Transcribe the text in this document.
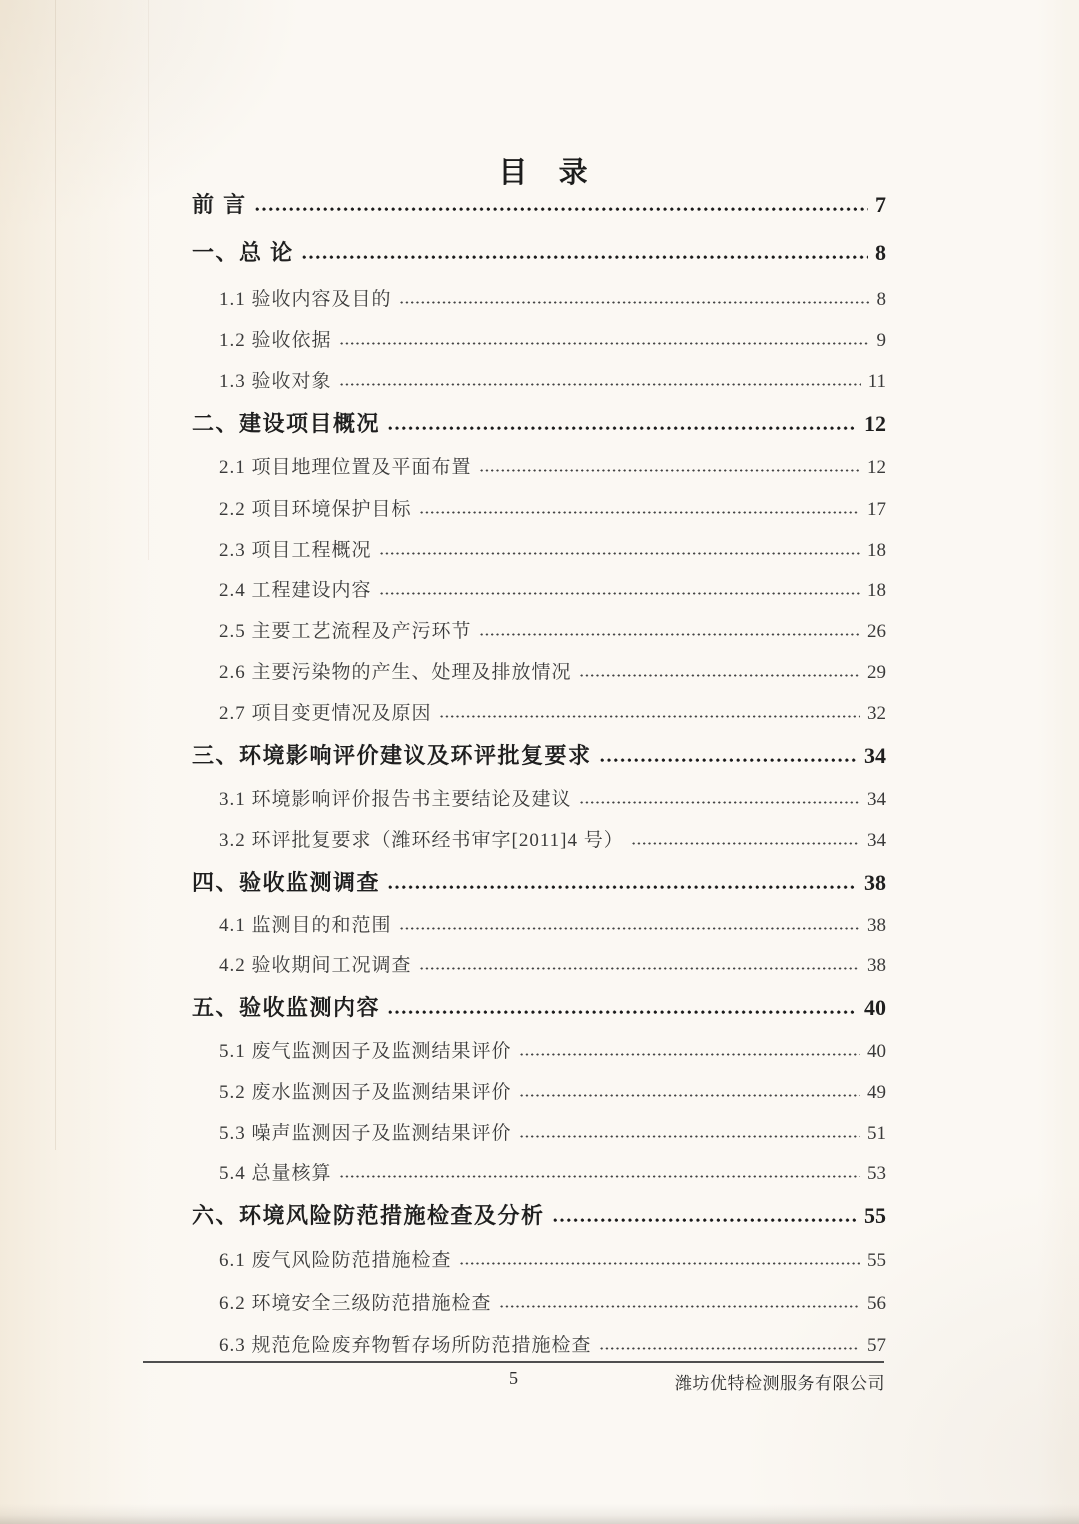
目 录
前 言	7
一、总 论	8
1.1 验收内容及目的	8
1.2 验收依据	9
1.3 验收对象	11
二、建设项目概况	12
2.1 项目地理位置及平面布置	12
2.2 项目环境保护目标	17
2.3 项目工程概况	18
2.4 工程建设内容	18
2.5 主要工艺流程及产污环节	26
2.6 主要污染物的产生、处理及排放情况	29
2.7 项目变更情况及原因	32
三、环境影响评价建议及环评批复要求	34
3.1 环境影响评价报告书主要结论及建议	34
3.2 环评批复要求（潍环经书审字[2011]4 号）	34
四、验收监测调查	38
4.1 监测目的和范围	38
4.2 验收期间工况调查	38
五、验收监测内容	40
5.1 废气监测因子及监测结果评价	40
5.2 废水监测因子及监测结果评价	49
5.3 噪声监测因子及监测结果评价	51
5.4 总量核算	53
六、环境风险防范措施检查及分析	55
6.1 废气风险防范措施检查	55
6.2 环境安全三级防范措施检查	56
6.3 规范危险废弃物暂存场所防范措施检查	57
5	潍坊优特检测服务有限公司
